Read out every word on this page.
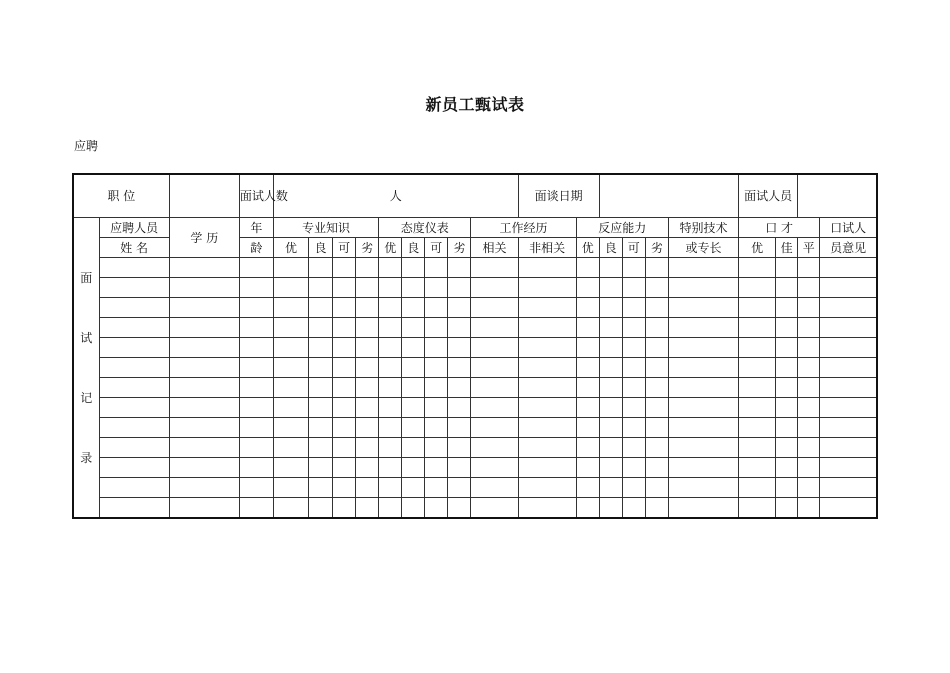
新员工甄试表
应聘
职 位			面试人数	人									面谈日期						面试人员			

面
试
记
录	应聘人员	学 历	年	专业知识				态度仪表				工作经历		反应能力				特别技术	口 才			口试人
	姓 名		龄	优	良	可	劣	优	良	可	劣	相关	非相关	优	良	可	劣	或专长	优	佳	平	员意见
